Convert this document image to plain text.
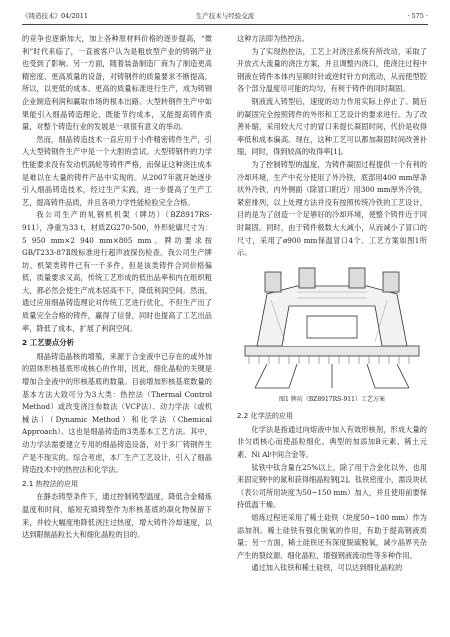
《铸造技术》04/2011	生产技术与经验交流	· 575 ·

的竞争也逐渐加大，加上各种原材料价格的逐步提高，“微利”时代来临了，一直被客户认为是粗放型产业的铸钢产业也受到了影响。另一方面，随着装备制造厂商为了制造更高精密度、更高质量的设备，对铸钢件的质量要求不断提高，所以，以更低的成本、更高的质量标准进行生产，成为铸钢企业制造利润和赢取市场的根本出路。大型转钢件生产中如果能引入细晶铸造理论，既能节约成本，又能提高铸件质量，对整个铸造行业的发展是一项很有意义的举动。

然而，细晶铸造技术一直应用于小件精密铸件生产，引入大型铸钢件生产中是一个大胆的尝试。大型铸钢件的力学性能要求没有发动机涡轮等铸件严格，而保证这种浇注成本是难以在大量的铸件产品中实现的。从2007年就开始逐步引入细晶铸造技术，经过生产实践，进一步提高了生产工艺，提高铸件品质，并且各项力学性能检验完全合格。

我公司生产的轧钢机机架（牌坊）（BZ8917RS-911），净重为33 t，材质ZG270-500，外形轮廓尺寸为：5 950 mm×2 940 mm×805 mm。牌坊要求按GB/T233-87Ⅱ级标准进行超声波探伤检查。我公司生产牌坊、机架类铸件已有一千多件，但是该类铸件合同价格偏低，质量要求又高，传统工艺形成的低出品率和内在组织粗大，都必然会使生产成本居高不下，降低利润空间。然而，通过应用细晶铸造理论对传统工艺进行优化，不但生产出了质量完全合格的铸件，赢得了信誉，同时也提高了工艺出品率，降低了成本，扩展了利润空间。

2 工艺要点分析

细晶铸造晶核的增殖，来源于合金液中已存在的或外加的固体形核基底形成核心的作用，因此，细化晶粒的关键是增加合金液中的形核基底的数量。目前增加形核基底数量的基本方法大致可分为3大类：热控法（Thermal Control Method）或改变浇注参数法（VCP法）、动力学法（或机械法）（Dynamic Method）和化学法（Chemical Approach）。这也是细晶铸造的3类基本工艺方法。其中，动力学法需要建立专用的细晶铸造设备，对于多厂铸钢件生产是不现实的。综合考虑，本厂生产工艺设计，引入了细晶铸造技术中的热控法和化学法。

2.1 热控法的应用

在静态铸型条件下，通过控制铸型温度，降低合金精炼温度和时间，缩短充填铸型作为形核基底的凝化物保留下来，并较大幅度地降低浇注过热度，增大铸件冷却速度，以达到限制晶粒长大和细化晶粒的目的。

这种方法即为热控法。

为了实现热控法，工艺上对浇注系统有所改动，采取了开放式大流量的浇注方案，并且调整内浇口，使浇注过程中钢液在铸件本体内呈顺时针或逆时针方向流动，从而使型腔各个部分温度尽可能的均匀，有利于铸件的同时凝固。

钢液流入铸型后，速度的动力作用实际上停止了。随后的凝固完全按照铸件的外形和工艺设计的要求进行。为了改善补缩，采用较大尺寸的冒口来提长凝固时间，代价是收得率低和成本偏高。现在，这种工艺可以都加凝固时间改善补缩，同时，得到较高的收得率[1]。

为了控制铸型的温度，为铸件凝固过程提供一个有利的冷却环境，生产中充分使用了外冷铁，底部用400 mm厚条状外冷铁，内外侧面（除冒口附近）用300 mm厚外冷铁，紧密排列，以上处理方法并没有按照传统冷铁的工艺设计，目的是为了创造一个足够好的冷却环境，使整个铸件近于同时凝固。同时，由于铸件极数大大减小，从而减小了冒口的尺寸，采用了ø900 mm保温冒口4个。工艺方案如图1所示。

图1 牌坊（BZ8917RS-911）工艺方案
2.2 化学法的应用

化学法是指通过向熔液中加入有效形核剂，形成大量的非匀质核心而使晶粒细化。典型的加添加B元素、稀土元素、Ni Al中间合金等。

钛铁中钛含量在25%以上，除了用于合金化以外，也用来固定钢中的氮和获得细晶粒钢[2]。钛铁密度小，需设块状（表公司所用块度为50~150 mm）加入，并且使用前要保持低温干燥。

熔炼过程还采用了稀土硅铁（块度50~100 mm）作为添加剂。稀土硅铁有强化脱氧的作用，有助于提高钢液质量；另一方面，稀土硅铁还有深度脱硫脱氧，减少晶界夹杂产生的裂纹源、细化晶粒，增强钢液流动性等多种作用。

通过加入钛铁和稀土硅铁，可以达到细化晶粒的
